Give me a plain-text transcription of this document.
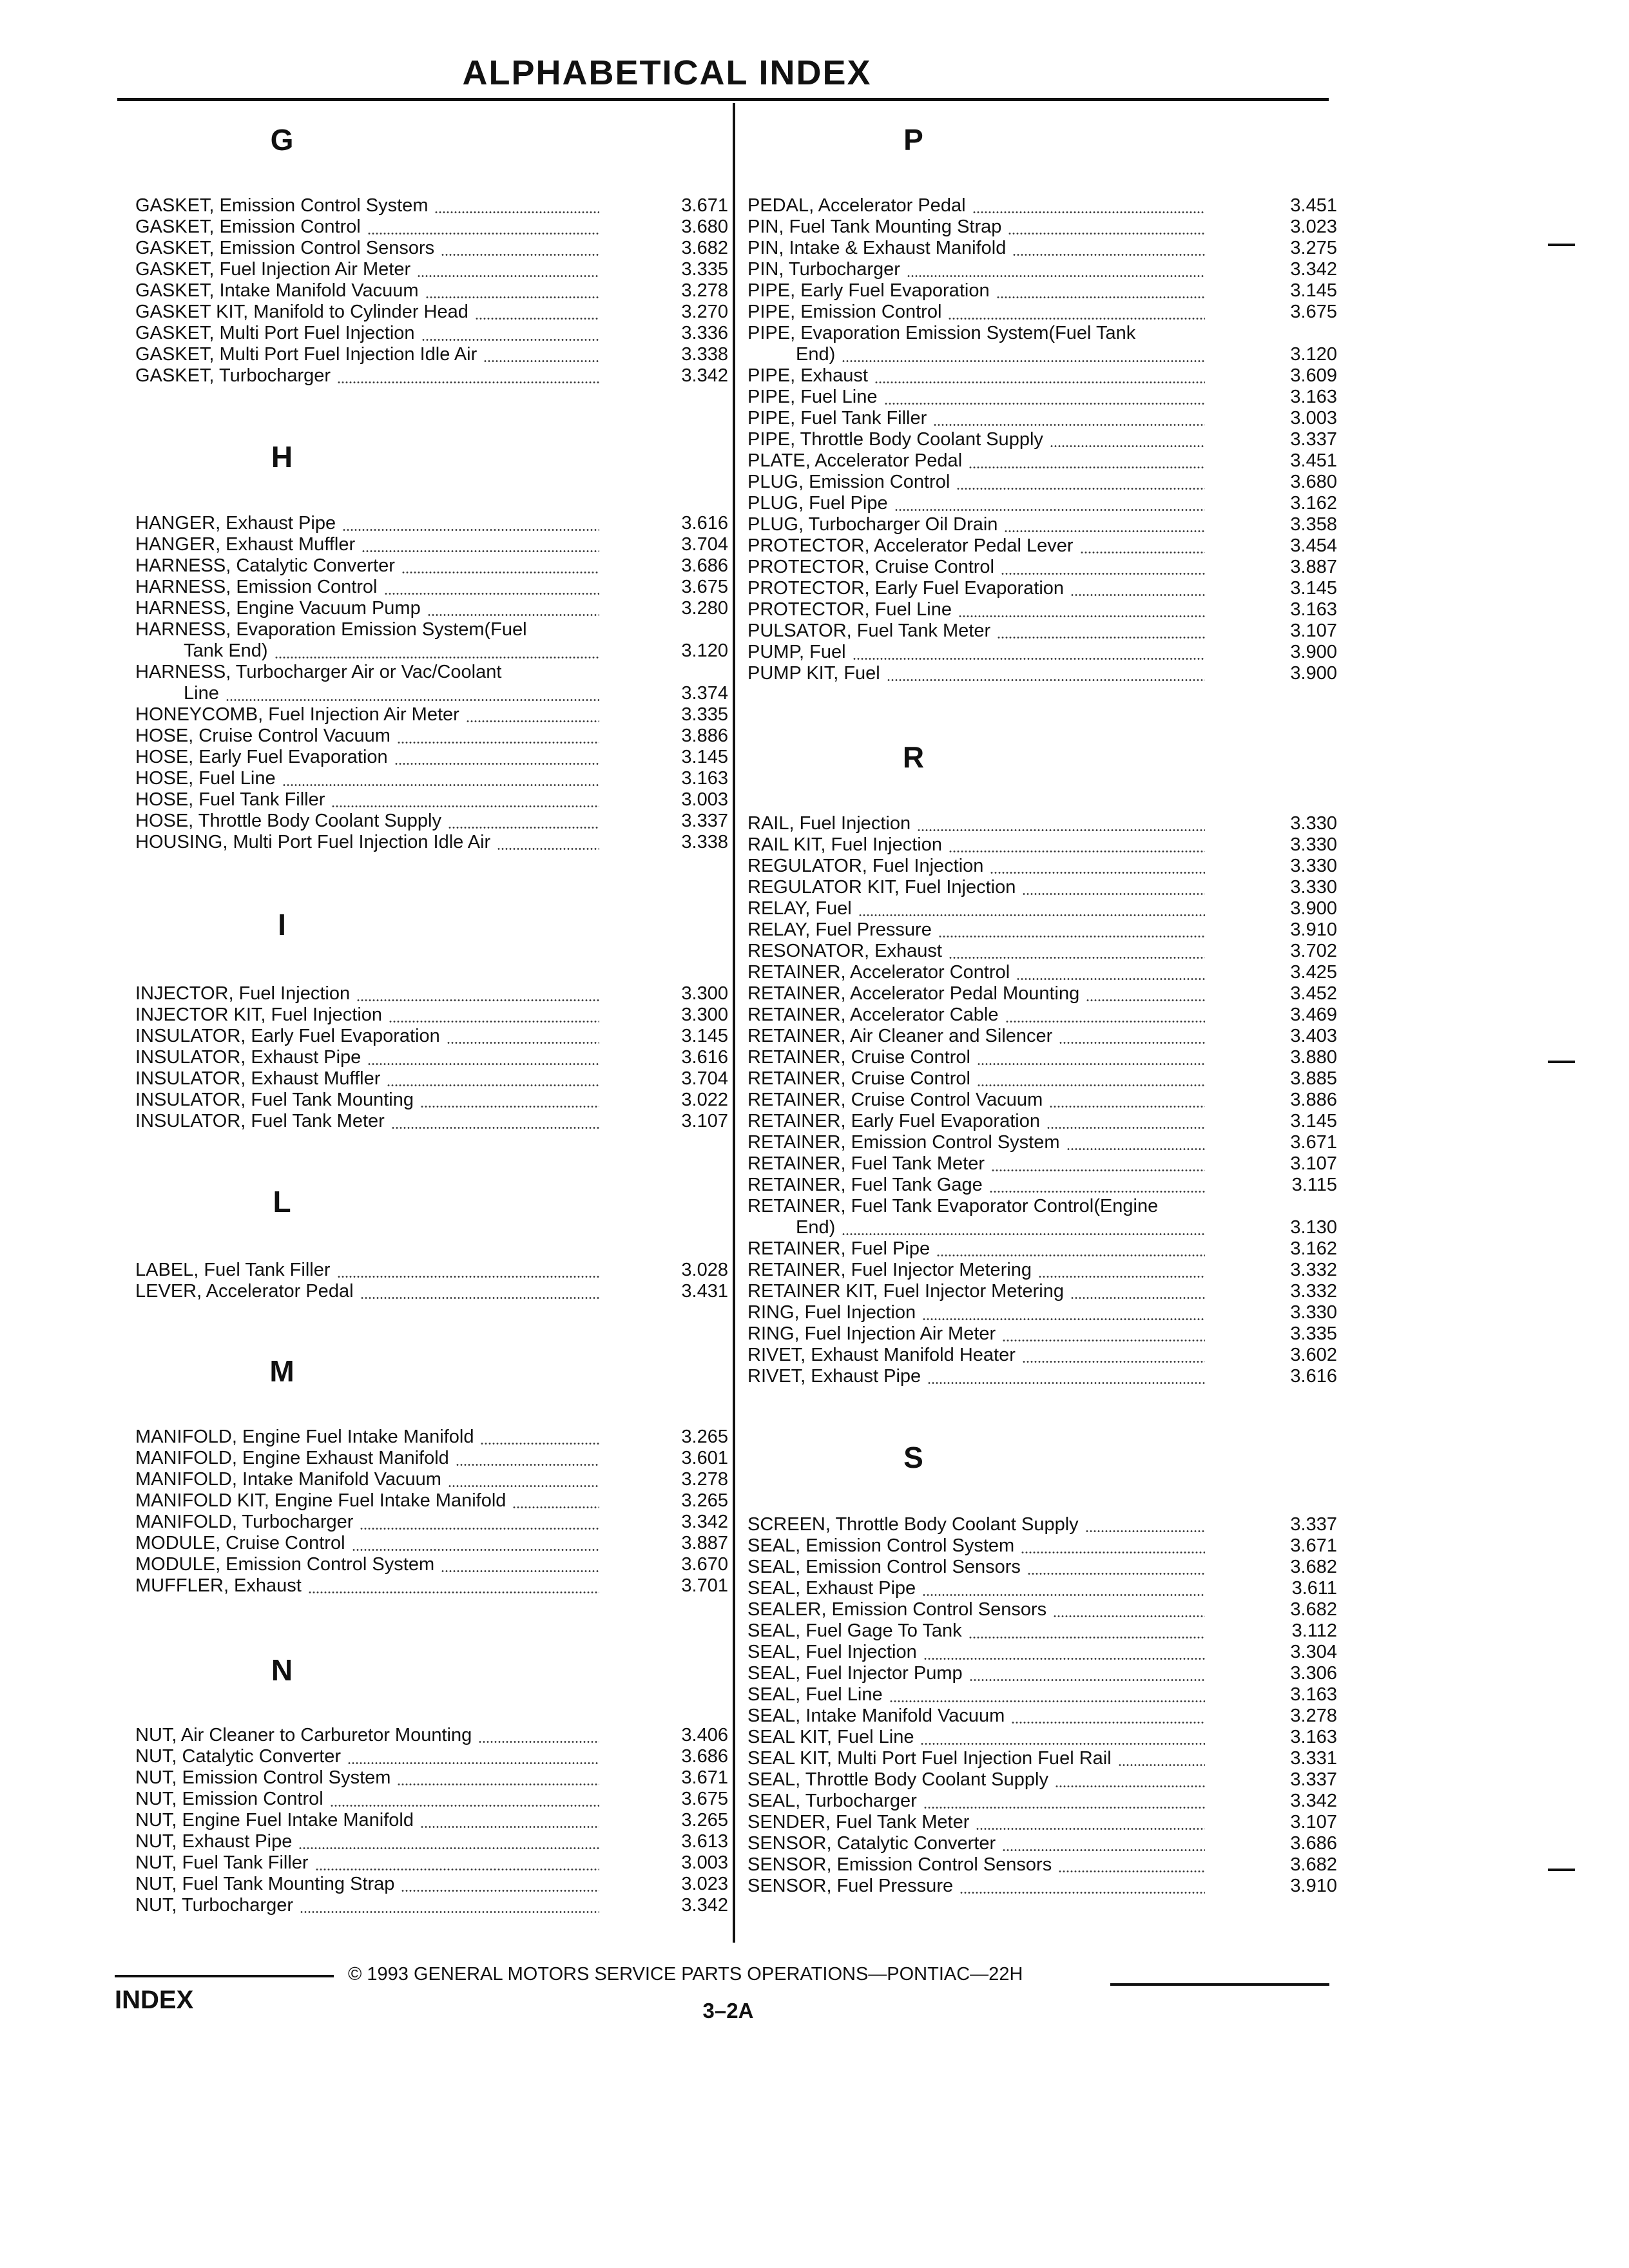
ALPHABETICAL INDEX
G
GASKET, Emission Control System	3.671
GASKET, Emission Control	3.680
GASKET, Emission Control Sensors	3.682
GASKET, Fuel Injection Air Meter	3.335
GASKET, Intake Manifold Vacuum	3.278
GASKET KIT, Manifold to Cylinder Head	3.270
GASKET, Multi Port Fuel Injection	3.336
GASKET, Multi Port Fuel Injection Idle Air	3.338
GASKET, Turbocharger	3.342
H
HANGER, Exhaust Pipe	3.616
HANGER, Exhaust Muffler	3.704
HARNESS, Catalytic Converter	3.686
HARNESS, Emission Control	3.675
HARNESS, Engine Vacuum Pump	3.280
HARNESS, Evaporation Emission System(Fuel
Tank End)	3.120
HARNESS, Turbocharger Air or Vac/Coolant
Line	3.374
HONEYCOMB, Fuel Injection Air Meter	3.335
HOSE, Cruise Control Vacuum	3.886
HOSE, Early Fuel Evaporation	3.145
HOSE, Fuel Line	3.163
HOSE, Fuel Tank Filler	3.003
HOSE, Throttle Body Coolant Supply	3.337
HOUSING, Multi Port Fuel Injection Idle Air	3.338
I
INJECTOR, Fuel Injection	3.300
INJECTOR KIT, Fuel Injection	3.300
INSULATOR, Early Fuel Evaporation	3.145
INSULATOR, Exhaust Pipe	3.616
INSULATOR, Exhaust Muffler	3.704
INSULATOR, Fuel Tank Mounting	3.022
INSULATOR, Fuel Tank Meter	3.107
L
LABEL, Fuel Tank Filler	3.028
LEVER, Accelerator Pedal	3.431
M
MANIFOLD, Engine Fuel Intake Manifold	3.265
MANIFOLD, Engine Exhaust Manifold	3.601
MANIFOLD, Intake Manifold Vacuum	3.278
MANIFOLD KIT, Engine Fuel Intake Manifold	3.265
MANIFOLD, Turbocharger	3.342
MODULE, Cruise Control	3.887
MODULE, Emission Control System	3.670
MUFFLER, Exhaust	3.701
N
NUT, Air Cleaner to Carburetor Mounting	3.406
NUT, Catalytic Converter	3.686
NUT, Emission Control System	3.671
NUT, Emission Control	3.675
NUT, Engine Fuel Intake Manifold	3.265
NUT, Exhaust Pipe	3.613
NUT, Fuel Tank Filler	3.003
NUT, Fuel Tank Mounting Strap	3.023
NUT, Turbocharger	3.342
P
PEDAL, Accelerator Pedal	3.451
PIN, Fuel Tank Mounting Strap	3.023
PIN, Intake & Exhaust Manifold	3.275
PIN, Turbocharger	3.342
PIPE, Early Fuel Evaporation	3.145
PIPE, Emission Control	3.675
PIPE, Evaporation Emission System(Fuel Tank
End)	3.120
PIPE, Exhaust	3.609
PIPE, Fuel Line	3.163
PIPE, Fuel Tank Filler	3.003
PIPE, Throttle Body Coolant Supply	3.337
PLATE, Accelerator Pedal	3.451
PLUG, Emission Control	3.680
PLUG, Fuel Pipe	3.162
PLUG, Turbocharger Oil Drain	3.358
PROTECTOR, Accelerator Pedal Lever	3.454
PROTECTOR, Cruise Control	3.887
PROTECTOR, Early Fuel Evaporation	3.145
PROTECTOR, Fuel Line	3.163
PULSATOR, Fuel Tank Meter	3.107
PUMP, Fuel	3.900
PUMP KIT, Fuel	3.900
R
RAIL, Fuel Injection	3.330
RAIL KIT, Fuel Injection	3.330
REGULATOR, Fuel Injection	3.330
REGULATOR KIT, Fuel Injection	3.330
RELAY, Fuel	3.900
RELAY, Fuel Pressure	3.910
RESONATOR, Exhaust	3.702
RETAINER, Accelerator Control	3.425
RETAINER, Accelerator Pedal Mounting	3.452
RETAINER, Accelerator Cable	3.469
RETAINER, Air Cleaner and Silencer	3.403
RETAINER, Cruise Control	3.880
RETAINER, Cruise Control	3.885
RETAINER, Cruise Control Vacuum	3.886
RETAINER, Early Fuel Evaporation	3.145
RETAINER, Emission Control System	3.671
RETAINER, Fuel Tank Meter	3.107
RETAINER, Fuel Tank Gage	3.115
RETAINER, Fuel Tank Evaporator Control(Engine
End)	3.130
RETAINER, Fuel Pipe	3.162
RETAINER, Fuel Injector Metering	3.332
RETAINER KIT, Fuel Injector Metering	3.332
RING, Fuel Injection	3.330
RING, Fuel Injection Air Meter	3.335
RIVET, Exhaust Manifold Heater	3.602
RIVET, Exhaust Pipe	3.616
S
SCREEN, Throttle Body Coolant Supply	3.337
SEAL, Emission Control System	3.671
SEAL, Emission Control Sensors	3.682
SEAL, Exhaust Pipe	3.611
SEALER, Emission Control Sensors	3.682
SEAL, Fuel Gage To Tank	3.112
SEAL, Fuel Injection	3.304
SEAL, Fuel Injector Pump	3.306
SEAL, Fuel Line	3.163
SEAL, Intake Manifold Vacuum	3.278
SEAL KIT, Fuel Line	3.163
SEAL KIT, Multi Port Fuel Injection Fuel Rail	3.331
SEAL, Throttle Body Coolant Supply	3.337
SEAL, Turbocharger	3.342
SENDER, Fuel Tank Meter	3.107
SENSOR, Catalytic Converter	3.686
SENSOR, Emission Control Sensors	3.682
SENSOR, Fuel Pressure	3.910
© 1993 GENERAL MOTORS SERVICE PARTS OPERATIONS—PONTIAC—22H
INDEX	3–2A
